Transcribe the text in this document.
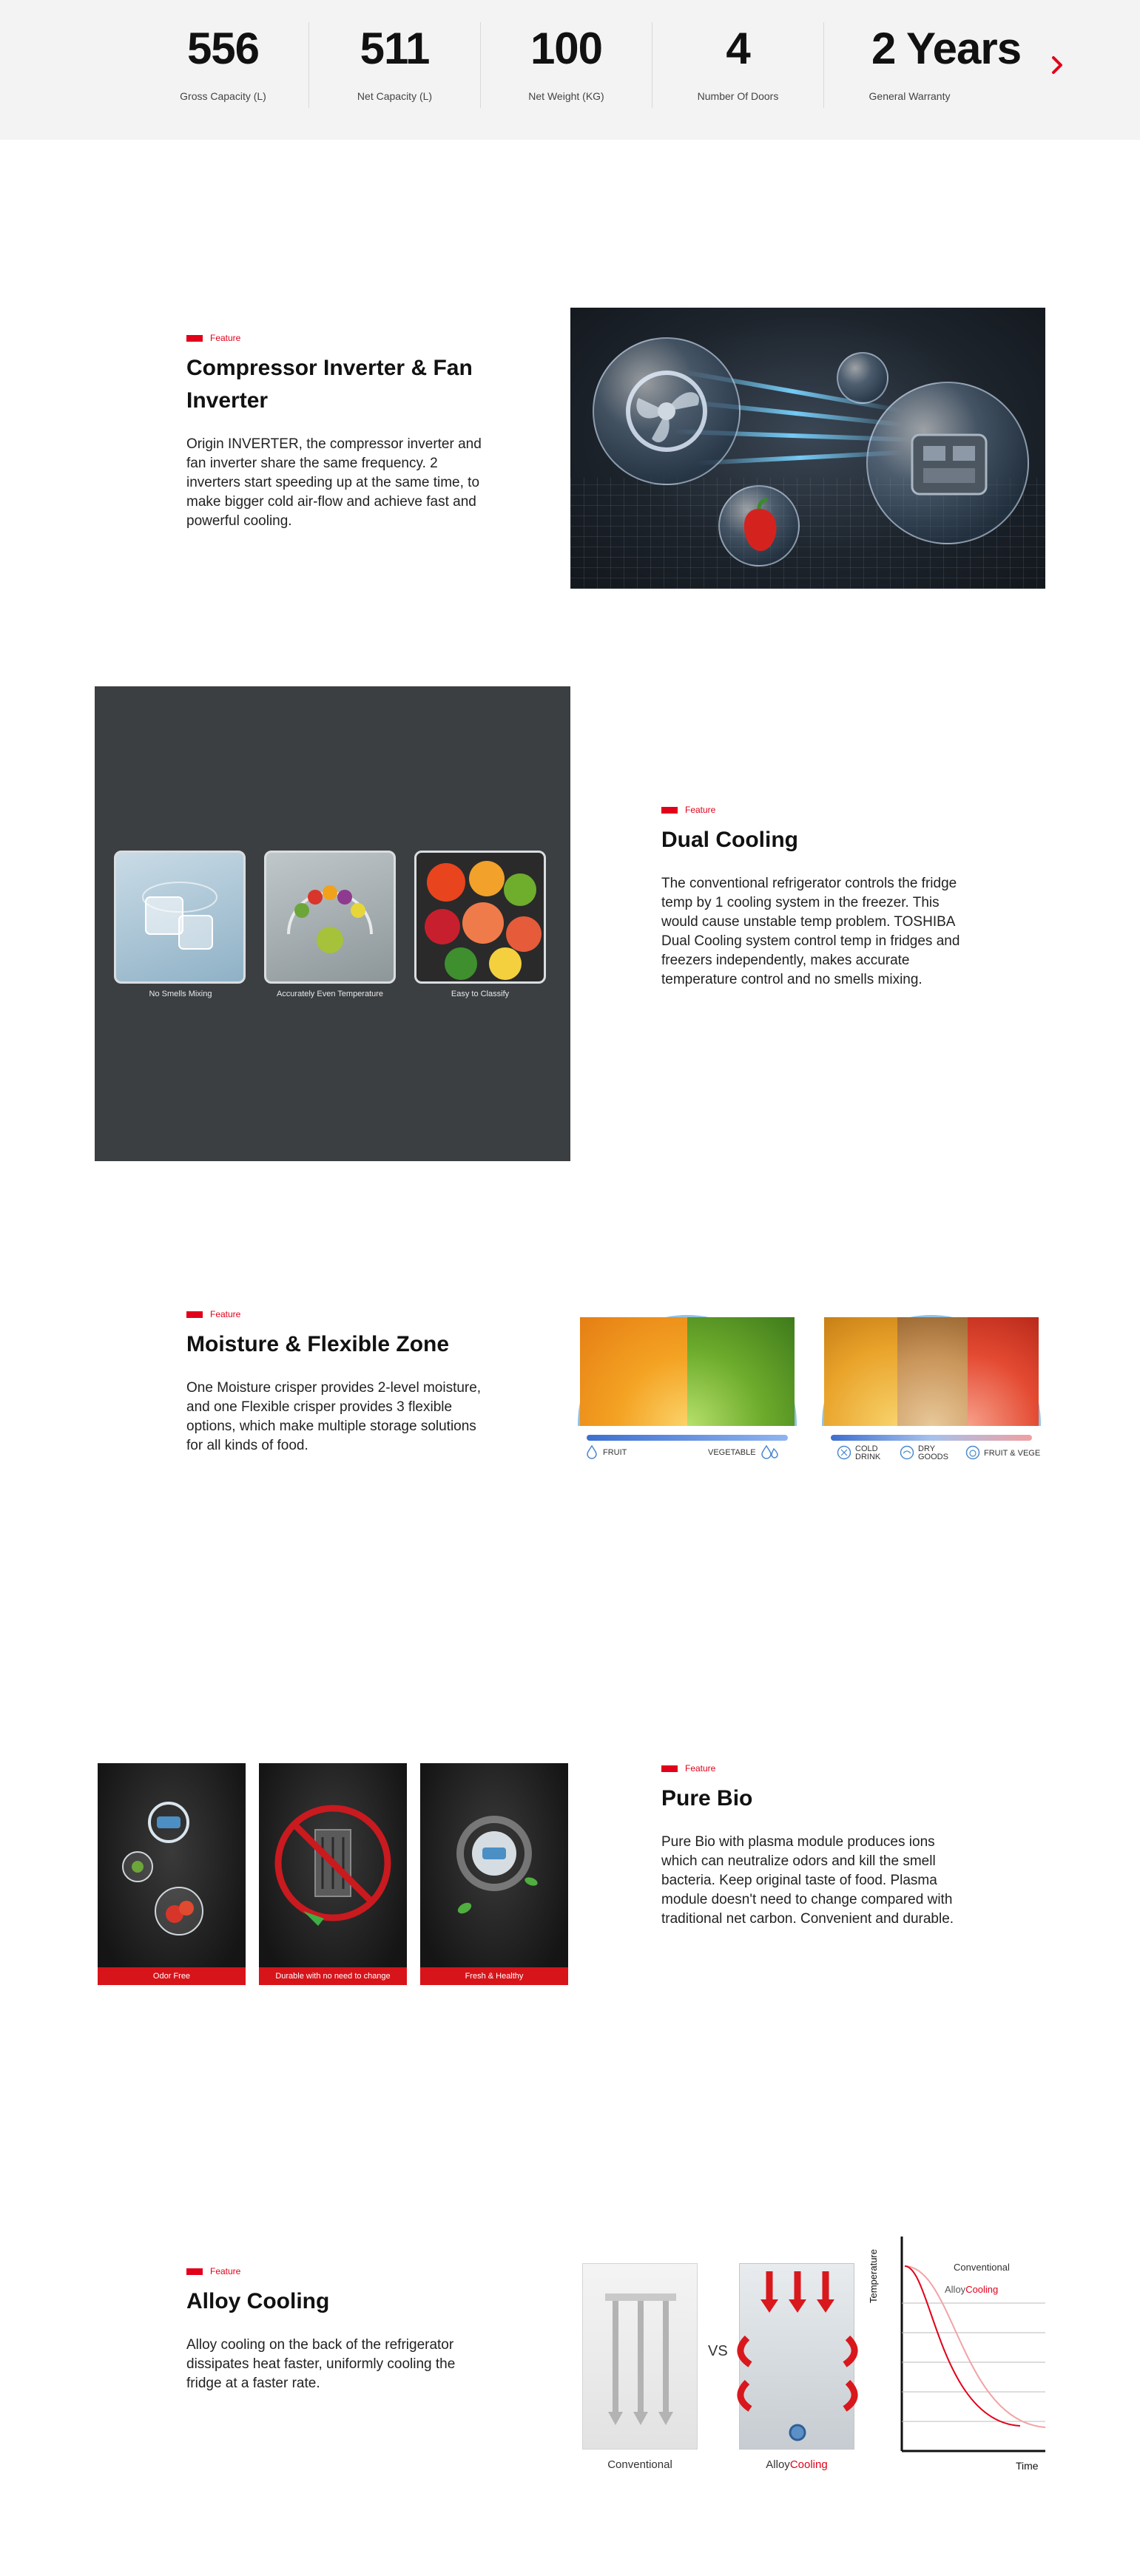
556
Gross Capacity (L)
511
Net Capacity (L)
100
Net Weight (KG)
4
Number Of Doors
2 Years
General Warranty
Feature
Compressor Inverter & Fan Inverter
Origin INVERTER, the compressor inverter and fan inverter share the same frequency. 2 inverters start speeding up at the same time, to make bigger cold air-flow and achieve fast and powerful cooling.
No Smells Mixing	Accurately Even Temperature	Easy to Classify
Feature
Dual Cooling
The conventional refrigerator controls the fridge temp by 1 cooling system in the freezer. This would cause unstable temp problem. TOSHIBA Dual Cooling system control temp in fridges and freezers independently, makes accurate temperature control and no smells mixing.
Feature
Moisture & Flexible Zone
One Moisture crisper provides 2-level moisture, and one Flexible crisper provides 3 flexible options, which make multiple storage solutions for all kinds of food.	FRUIT	VEGETABLE	COLD DRINK
DRY GOODS	FRUIT & VEGE
Odor Free	Durable with no need to change	Fresh & Healthy
Feature
Pure Bio
Pure Bio with plasma module produces ions which can neutralize odors and kill the smell bacteria. Keep original taste of food. Plasma module doesn't need to change compared with traditional net carbon. Convenient and durable.
Feature
Alloy Cooling
Alloy cooling on the back of the refrigerator dissipates heat faster, uniformly cooling the fridge at a faster rate.
Conventional
VS
AlloyCooling
Temperature
Time
Conventional
AlloyCooling
